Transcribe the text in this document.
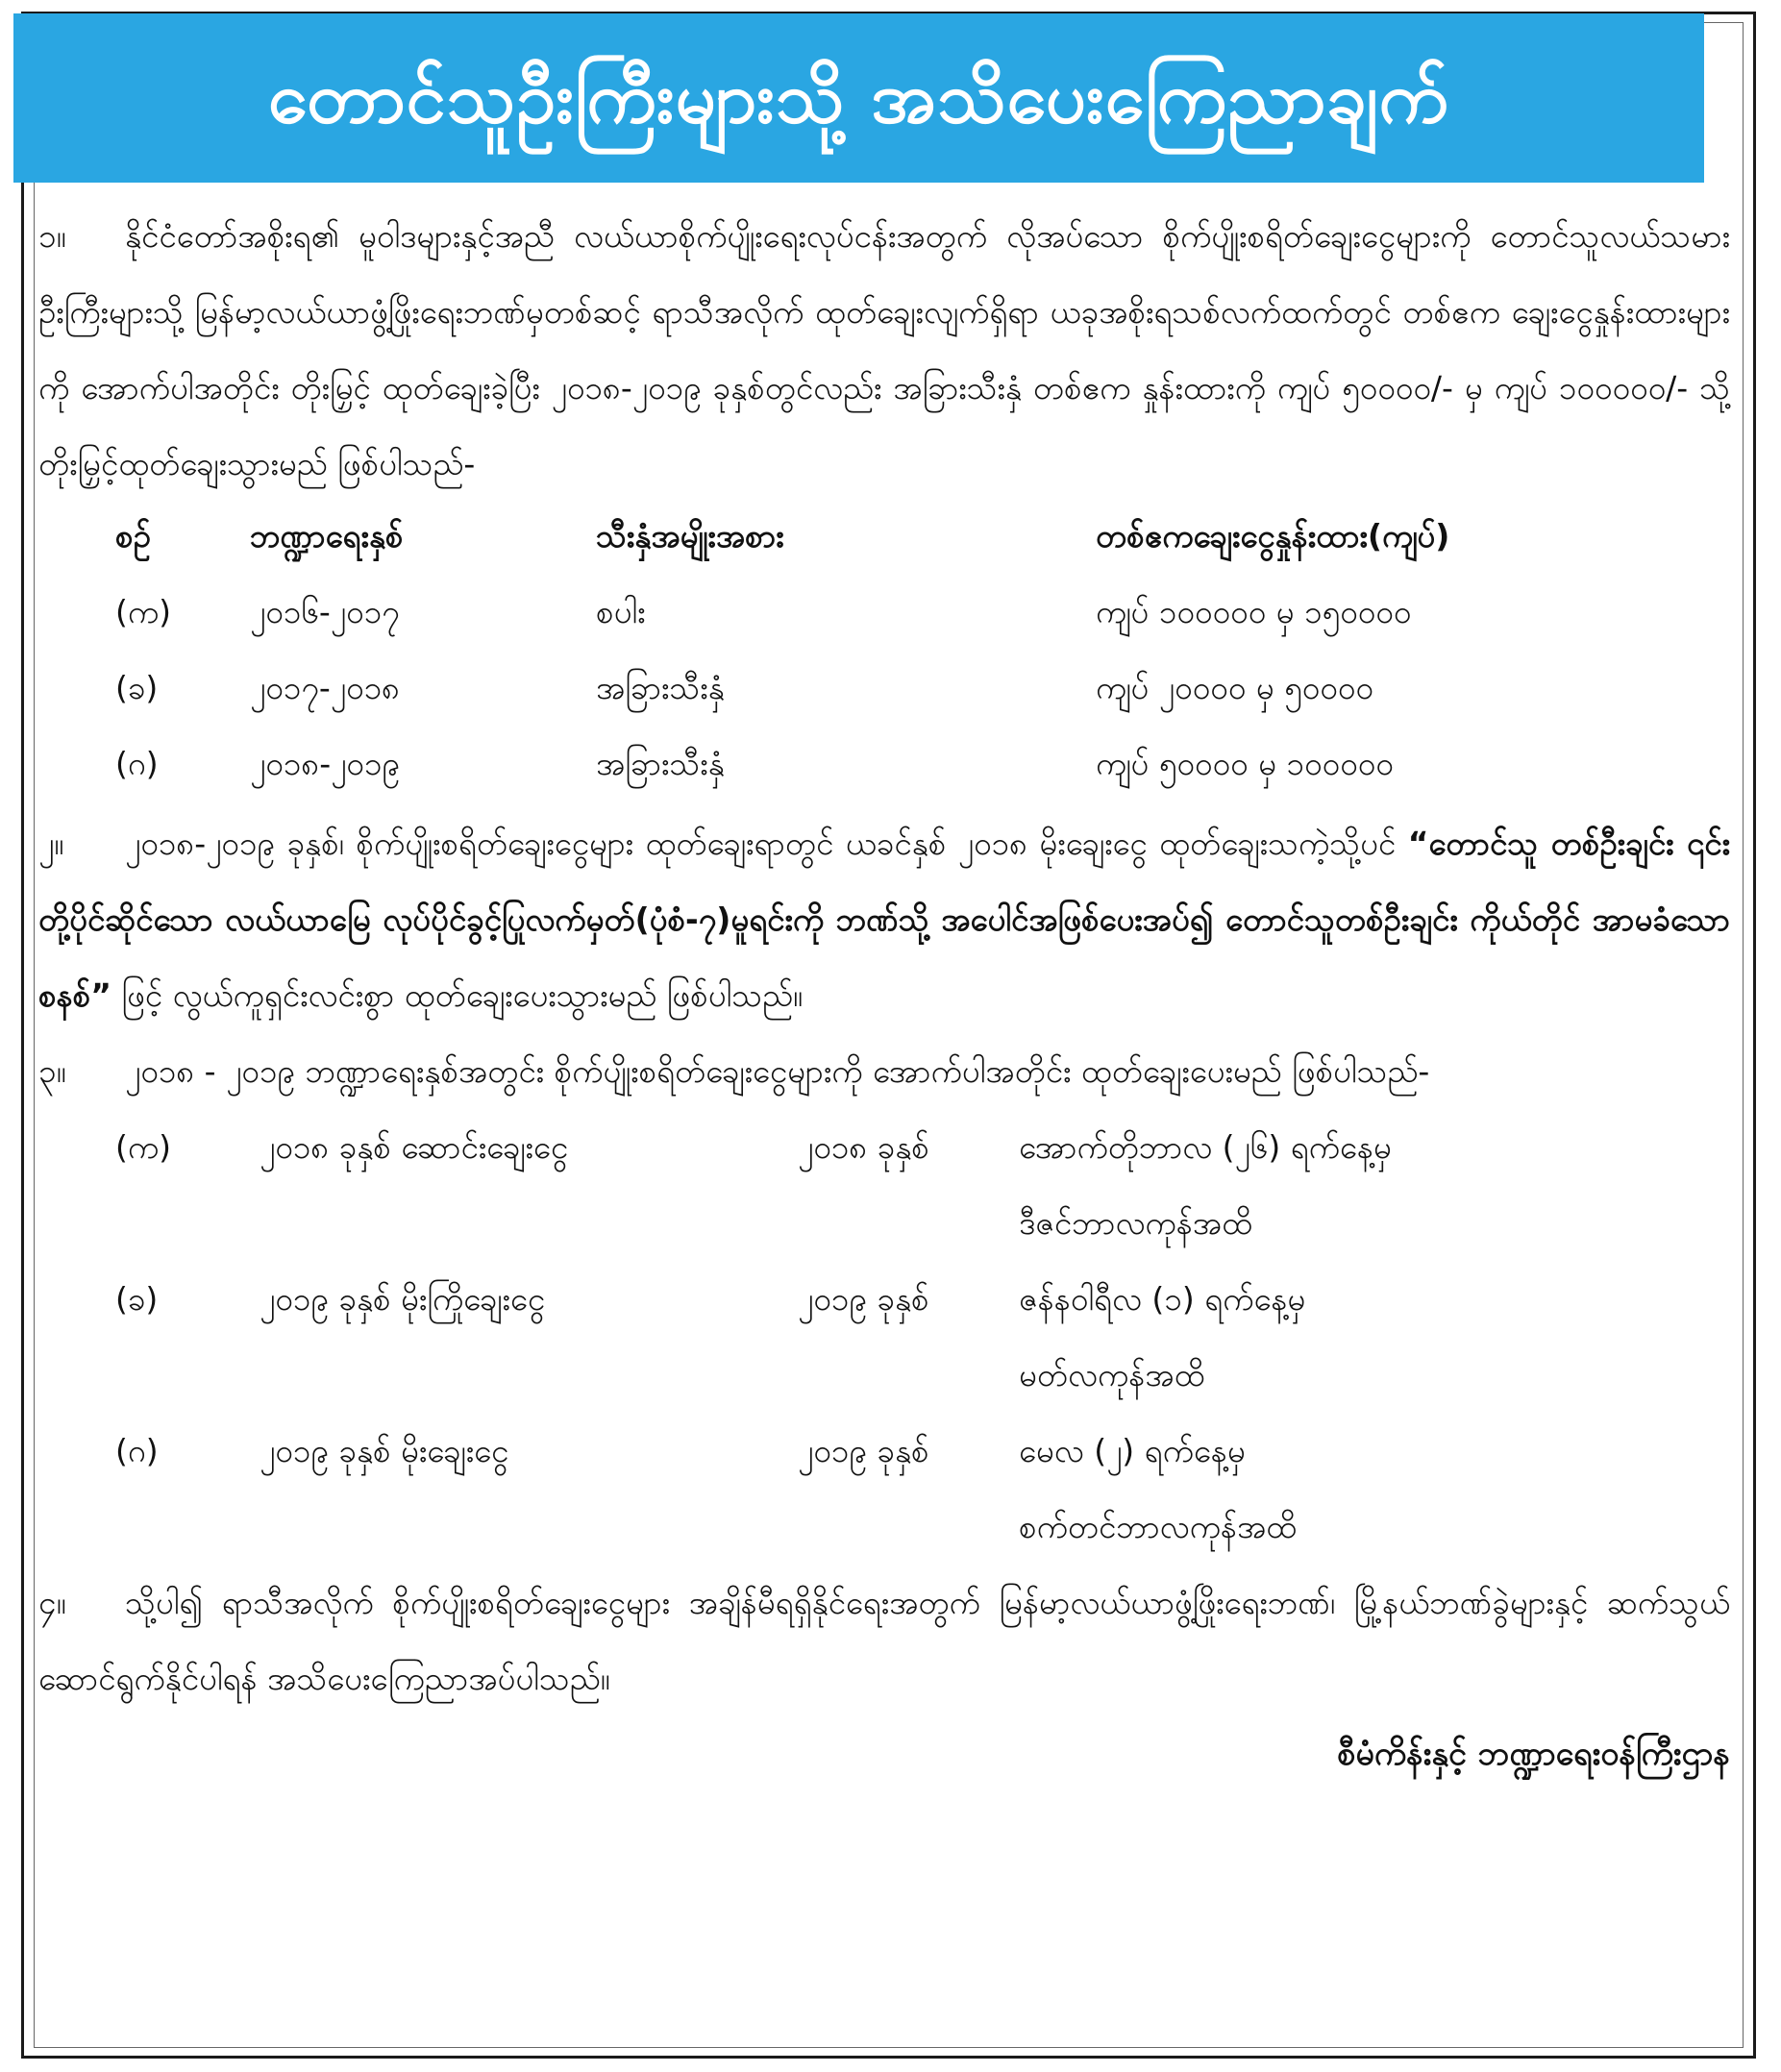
တောင်သူဦးကြီးများသို့ အသိပေးကြေညာချက်

၁။ နိုင်ငံတော်အစိုးရ၏ မူဝါဒများနှင့်အညီ လယ်ယာစိုက်ပျိုးရေးလုပ်ငန်းအတွက် လိုအပ်သော စိုက်ပျိုးစရိတ်ချေးငွေများကို တောင်သူလယ်သမားဦးကြီးများသို့ မြန်မာ့လယ်ယာဖွံ့ဖြိုးရေးဘဏ်မှတစ်ဆင့် ရာသီအလိုက် ထုတ်ချေးလျက်ရှိရာ ယခုအစိုးရသစ်လက်ထက်တွင် တစ်ဧက ချေးငွေနှုန်းထားများကို အောက်ပါအတိုင်း တိုးမြှင့် ထုတ်ချေးခဲ့ပြီး ၂၀၁၈-၂၀၁၉ ခုနှစ်တွင်လည်း အခြားသီးနှံ တစ်ဧက နှုန်းထားကို ကျပ် ၅၀၀၀၀/- မှ ကျပ် ၁၀၀၀၀၀/- သို့ တိုးမြှင့်ထုတ်ချေးသွားမည် ဖြစ်ပါသည်-

စဉ်	ဘဏ္ဍာရေးနှစ်	သီးနှံအမျိုးအစား	တစ်ဧကချေးငွေနှုန်းထား(ကျပ်)
(က)	၂၀၁၆-၂၀၁၇	စပါး	ကျပ် ၁၀၀၀၀၀ မှ ၁၅၀၀၀၀
(ခ)	၂၀၁၇-၂၀၁၈	အခြားသီးနှံ	ကျပ် ၂၀၀၀၀ မှ ၅၀၀၀၀
(ဂ)	၂၀၁၈-၂၀၁၉	အခြားသီးနှံ	ကျပ် ၅၀၀၀၀ မှ ၁၀၀၀၀၀

၂။ ၂၀၁၈-၂၀၁၉ ခုနှစ်၊ စိုက်ပျိုးစရိတ်ချေးငွေများ ထုတ်ချေးရာတွင် ယခင်နှစ် ၂၀၁၈ မိုးချေးငွေ ထုတ်ချေးသကဲ့သို့ပင် “တောင်သူ တစ်ဦးချင်း ၎င်းတို့ပိုင်ဆိုင်သော လယ်ယာမြေ လုပ်ပိုင်ခွင့်ပြုလက်မှတ်(ပုံစံ-၇)မူရင်းကို ဘဏ်သို့ အပေါင်အဖြစ်ပေးအပ်၍ တောင်သူတစ်ဦးချင်း ကိုယ်တိုင် အာမခံသောစနစ်” ဖြင့် လွယ်ကူရှင်းလင်းစွာ ထုတ်ချေးပေးသွားမည် ဖြစ်ပါသည်။

၃။ ၂၀၁၈ - ၂၀၁၉ ဘဏ္ဍာရေးနှစ်အတွင်း စိုက်ပျိုးစရိတ်ချေးငွေများကို အောက်ပါအတိုင်း ထုတ်ချေးပေးမည် ဖြစ်ပါသည်-

(က)	၂၀၁၈ ခုနှစ် ဆောင်းချေးငွေ	၂၀၁၈ ခုနှစ်	အောက်တိုဘာလ (၂၆) ရက်နေ့မှ
ဒီဇင်ဘာလကုန်အထိ

(ခ)	၂၀၁၉ ခုနှစ် မိုးကြိုချေးငွေ	၂၀၁၉ ခုနှစ်	ဇန်နဝါရီလ (၁) ရက်နေ့မှ
မတ်လကုန်အထိ

(ဂ)	၂၀၁၉ ခုနှစ် မိုးချေးငွေ	၂၀၁၉ ခုနှစ်	မေလ (၂) ရက်နေ့မှ
စက်တင်ဘာလကုန်အထိ

၄။ သို့ပါ၍ ရာသီအလိုက် စိုက်ပျိုးစရိတ်ချေးငွေများ အချိန်မီရရှိနိုင်ရေးအတွက် မြန်မာ့လယ်ယာဖွံ့ဖြိုးရေးဘဏ်၊ မြို့နယ်ဘဏ်ခွဲများနှင့် ဆက်သွယ်ဆောင်ရွက်နိုင်ပါရန် အသိပေးကြေညာအပ်ပါသည်။

စီမံကိန်းနှင့် ဘဏ္ဍာရေးဝန်ကြီးဌာန
